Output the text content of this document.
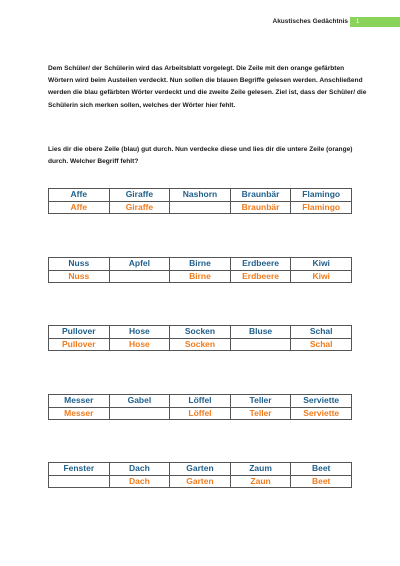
Akustisches Gedächtnis	1
Dem Schüler/ der Schülerin wird das Arbeitsblatt vorgelegt. Die Zeile mit den orange gefärbten Wörtern wird beim Austeilen verdeckt. Nun sollen die blauen Begriffe gelesen werden. Anschließend werden die blau gefärbten Wörter verdeckt und die zweite Zeile gelesen. Ziel ist, dass der Schüler/ die Schülerin sich merken sollen, welches der Wörter hier fehlt.
Lies dir die obere Zeile (blau) gut durch. Nun verdecke diese und lies dir die untere Zeile (orange) durch. Welcher Begriff fehlt?
Affe	Giraffe	Nashorn	Braunbär	Flamingo
Affe	Giraffe		Braunbär	Flamingo
Nuss	Apfel	Birne	Erdbeere	Kiwi
Nuss		Birne	Erdbeere	Kiwi
Pullover	Hose	Socken	Bluse	Schal
Pullover	Hose	Socken		Schal
Messer	Gabel	Löffel	Teller	Serviette
Messer		Löffel	Teller	Serviette
Fenster	Dach	Garten	Zaum	Beet
	Dach	Garten	Zaun	Beet
